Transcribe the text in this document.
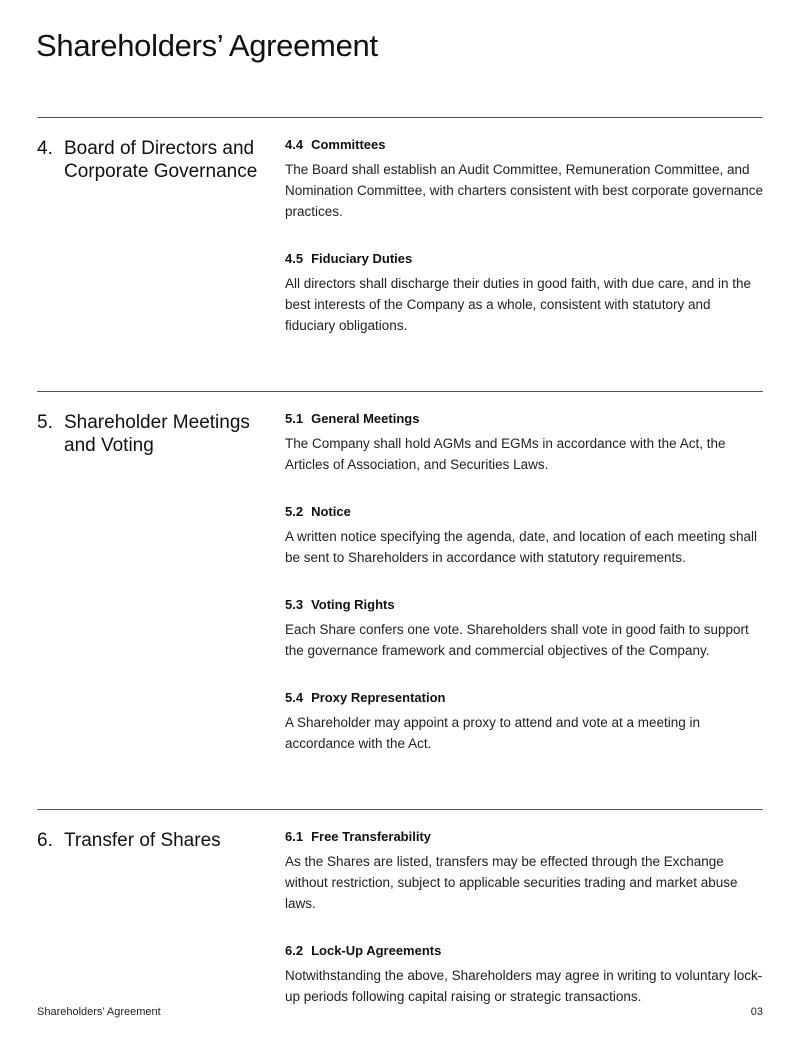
Shareholders’ Agreement
4. Board of Directors and Corporate Governance
4.4 Committees
The Board shall establish an Audit Committee, Remuneration Committee, and Nomination Committee, with charters consistent with best corporate governance practices.
4.5 Fiduciary Duties
All directors shall discharge their duties in good faith, with due care, and in the best interests of the Company as a whole, consistent with statutory and fiduciary obligations.
5. Shareholder Meetings and Voting
5.1 General Meetings
The Company shall hold AGMs and EGMs in accordance with the Act, the Articles of Association, and Securities Laws.
5.2 Notice
A written notice specifying the agenda, date, and location of each meeting shall be sent to Shareholders in accordance with statutory requirements.
5.3 Voting Rights
Each Share confers one vote. Shareholders shall vote in good faith to support the governance framework and commercial objectives of the Company.
5.4 Proxy Representation
A Shareholder may appoint a proxy to attend and vote at a meeting in accordance with the Act.
6. Transfer of Shares	6.1 Free Transferability
As the Shares are listed, transfers may be effected through the Exchange without restriction, subject to applicable securities trading and market abuse laws.
6.2 Lock-Up Agreements
Notwithstanding the above, Shareholders may agree in writing to voluntary lock-up periods following capital raising or strategic transactions.
Shareholders’ Agreement	03
